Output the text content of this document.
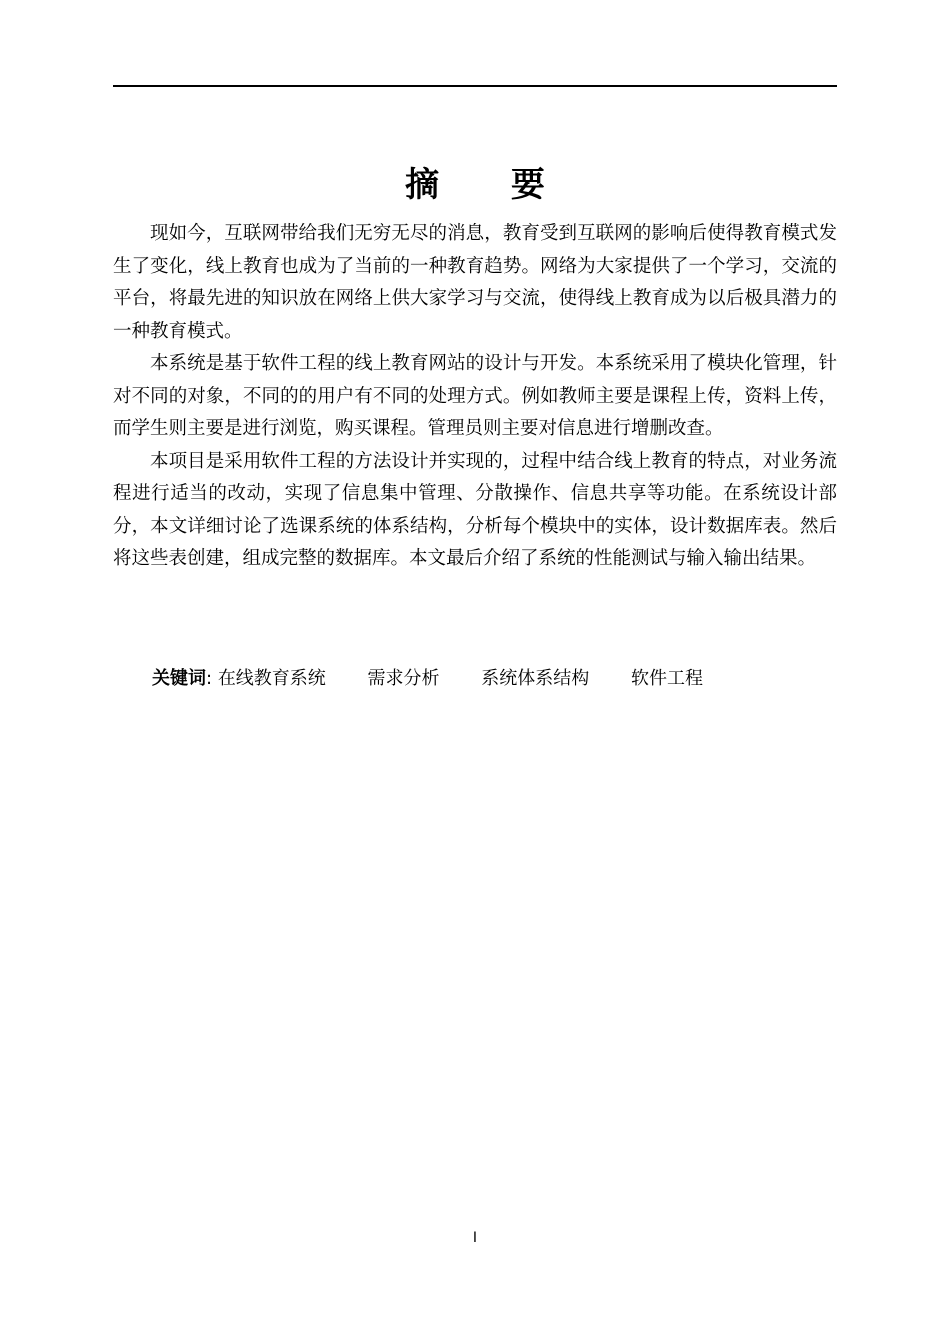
摘 要

现如今，互联网带给我们无穷无尽的消息，教育受到互联网的影响后使得教育模式发生了变化，线上教育也成为了当前的一种教育趋势。网络为大家提供了一个学习，交流的平台，将最先进的知识放在网络上供大家学习与交流，使得线上教育成为以后极具潜力的一种教育模式。

本系统是基于软件工程的线上教育网站的设计与开发。本系统采用了模块化管理，针对不同的对象，不同的的用户有不同的处理方式。例如教师主要是课程上传，资料上传，而学生则主要是进行浏览，购买课程。管理员则主要对信息进行增删改查。

本项目是采用软件工程的方法设计并实现的，过程中结合线上教育的特点，对业务流程进行适当的改动，实现了信息集中管理、分散操作、信息共享等功能。在系统设计部分，本文详细讨论了选课系统的体系结构，分析每个模块中的实体，设计数据库表。然后将这些表创建，组成完整的数据库。本文最后介绍了系统的性能测试与输入输出结果。

关键词: 在线教育系统 需求分析 系统体系结构 软件工程
I
